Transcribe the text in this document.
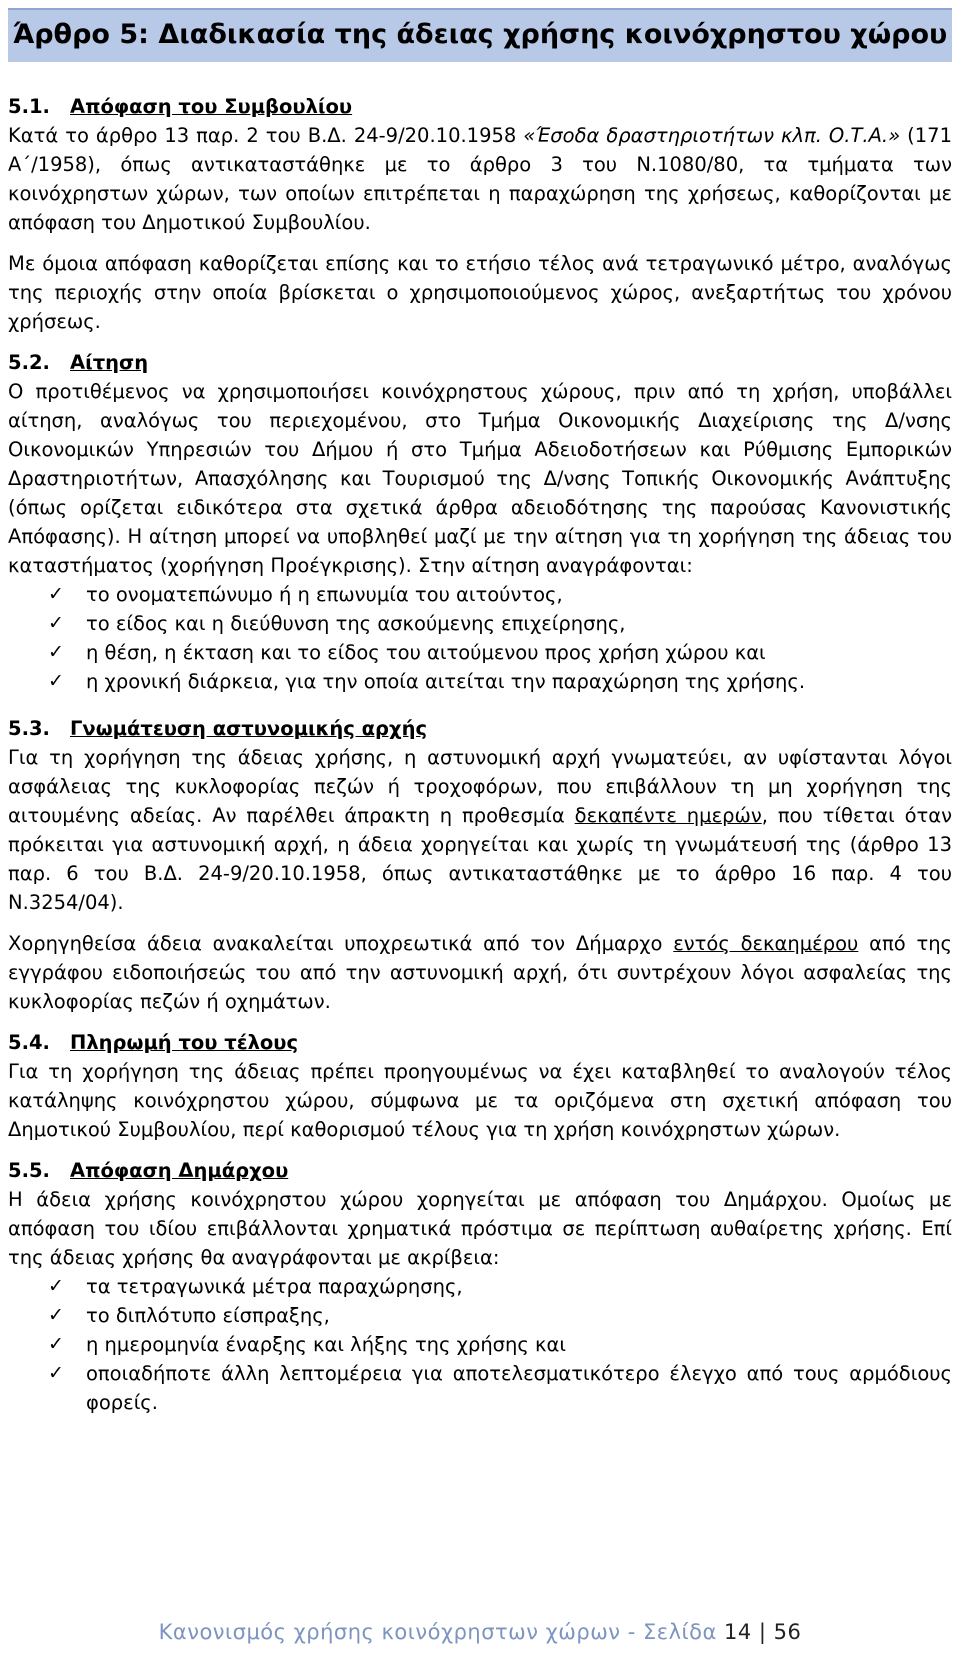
Άρθρο 5: Διαδικασία της άδειας χρήσης κοινόχρηστου χώρου
5.1. Απόφαση του Συμβουλίου

Κατά το άρθρο 13 παρ. 2 του Β.Δ. 24-9/20.10.1958 «Έσοδα δραστηριοτήτων κλπ. Ο.Τ.Α.» (171 Α΄/1958), όπως αντικαταστάθηκε με το άρθρο 3 του Ν.1080/80, τα τμήματα των κοινόχρηστων χώρων, των οποίων επιτρέπεται η παραχώρηση της χρήσεως, καθορίζονται με απόφαση του Δημοτικού Συμβουλίου.

Με όμοια απόφαση καθορίζεται επίσης και το ετήσιο τέλος ανά τετραγωνικό μέτρο, αναλόγως της περιοχής στην οποία βρίσκεται ο χρησιμοποιούμενος χώρος, ανεξαρτήτως του χρόνου χρήσεως.

5.2. Αίτηση

Ο προτιθέμενος να χρησιμοποιήσει κοινόχρηστους χώρους, πριν από τη χρήση, υποβάλλει αίτηση, αναλόγως του περιεχομένου, στο Τμήμα Οικονομικής Διαχείρισης της Δ/νσης Οικονομικών Υπηρεσιών του Δήμου ή στο Τμήμα Αδειοδοτήσεων και Ρύθμισης Εμπορικών Δραστηριοτήτων, Απασχόλησης και Τουρισμού της Δ/νσης Τοπικής Οικονομικής Ανάπτυξης (όπως ορίζεται ειδικότερα στα σχετικά άρθρα αδειοδότησης της παρούσας Κανονιστικής Απόφασης). Η αίτηση μπορεί να υποβληθεί μαζί με την αίτηση για τη χορήγηση της άδειας του καταστήματος (χορήγηση Προέγκρισης). Στην αίτηση αναγράφονται:

✓ το ονοματεπώνυμο ή η επωνυμία του αιτούντος,
✓ το είδος και η διεύθυνση της ασκούμενης επιχείρησης,
✓ η θέση, η έκταση και το είδος του αιτούμενου προς χρήση χώρου και
✓ η χρονική διάρκεια, για την οποία αιτείται την παραχώρηση της χρήσης.
5.3. Γνωμάτευση αστυνομικής αρχής

Για τη χορήγηση της άδειας χρήσης, η αστυνομική αρχή γνωματεύει, αν υφίστανται λόγοι ασφάλειας της κυκλοφορίας πεζών ή τροχοφόρων, που επιβάλλουν τη μη χορήγηση της αιτουμένης αδείας. Αν παρέλθει άπρακτη η προθεσμία δεκαπέντε ημερών, που τίθεται όταν πρόκειται για αστυνομική αρχή, η άδεια χορηγείται και χωρίς τη γνωμάτευσή της (άρθρο 13 παρ. 6 του Β.Δ. 24-9/20.10.1958, όπως αντικαταστάθηκε με το άρθρο 16 παρ. 4 του Ν.3254/04).

Χορηγηθείσα άδεια ανακαλείται υποχρεωτικά από τον Δήμαρχο εντός δεκαημέρου από της εγγράφου ειδοποιήσεώς του από την αστυνομική αρχή, ότι συντρέχουν λόγοι ασφαλείας της κυκλοφορίας πεζών ή οχημάτων.

5.4. Πληρωμή του τέλους

Για τη χορήγηση της άδειας πρέπει προηγουμένως να έχει καταβληθεί το αναλογούν τέλος κατάληψης κοινόχρηστου χώρου, σύμφωνα με τα οριζόμενα στη σχετική απόφαση του Δημοτικού Συμβουλίου, περί καθορισμού τέλους για τη χρήση κοινόχρηστων χώρων.

5.5. Απόφαση Δημάρχου

Η άδεια χρήσης κοινόχρηστου χώρου χορηγείται με απόφαση του Δημάρχου. Ομοίως με απόφαση του ιδίου επιβάλλονται χρηματικά πρόστιμα σε περίπτωση αυθαίρετης χρήσης. Επί της άδειας χρήσης θα αναγράφονται με ακρίβεια:

✓ τα τετραγωνικά μέτρα παραχώρησης,
✓ το διπλότυπο είσπραξης,
✓ η ημερομηνία έναρξης και λήξης της χρήσης και
✓ οποιαδήποτε άλλη λεπτομέρεια για αποτελεσματικότερο έλεγχο από τους αρμόδιους φορείς.
Κανονισμός χρήσης κοινόχρηστων χώρων - Σελίδα 14 | 56
